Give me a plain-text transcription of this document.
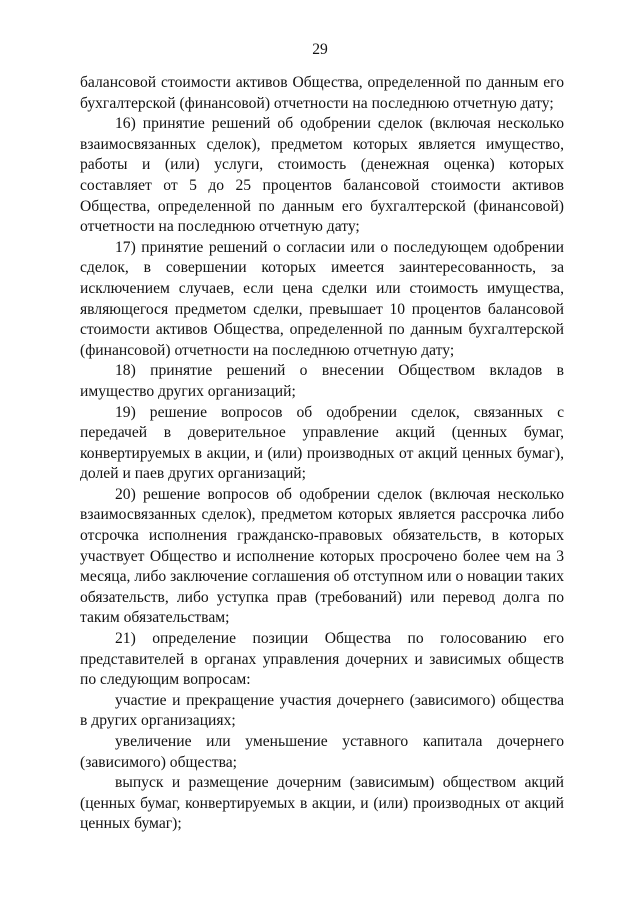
29

балансовой стоимости активов Общества, определенной по данным его бухгалтерской (финансовой) отчетности на последнюю отчетную дату;

16) принятие решений об одобрении сделок (включая несколько взаимосвязанных сделок), предметом которых является имущество, работы и (или) услуги, стоимость (денежная оценка) которых составляет от 5 до 25 процентов балансовой стоимости активов Общества, определенной по данным его бухгалтерской (финансовой) отчетности на последнюю отчетную дату;

17) принятие решений о согласии или о последующем одобрении сделок, в совершении которых имеется заинтересованность, за исключением случаев, если цена сделки или стоимость имущества, являющегося предметом сделки, превышает 10 процентов балансовой стоимости активов Общества, определенной по данным бухгалтерской (финансовой) отчетности на последнюю отчетную дату;

18) принятие решений о внесении Обществом вкладов в имущество других организаций;

19) решение вопросов об одобрении сделок, связанных с передачей в доверительное управление акций (ценных бумаг, конвертируемых в акции, и (или) производных от акций ценных бумаг), долей и паев других организаций;

20) решение вопросов об одобрении сделок (включая несколько взаимосвязанных сделок), предметом которых является рассрочка либо отсрочка исполнения гражданско-правовых обязательств, в которых участвует Общество и исполнение которых просрочено более чем на 3 месяца, либо заключение соглашения об отступном или о новации таких обязательств, либо уступка прав (требований) или перевод долга по таким обязательствам;

21) определение позиции Общества по голосованию его представителей в органах управления дочерних и зависимых обществ по следующим вопросам:

участие и прекращение участия дочернего (зависимого) общества в других организациях;

увеличение или уменьшение уставного капитала дочернего (зависимого) общества;

выпуск и размещение дочерним (зависимым) обществом акций (ценных бумаг, конвертируемых в акции, и (или) производных от акций ценных бумаг);
